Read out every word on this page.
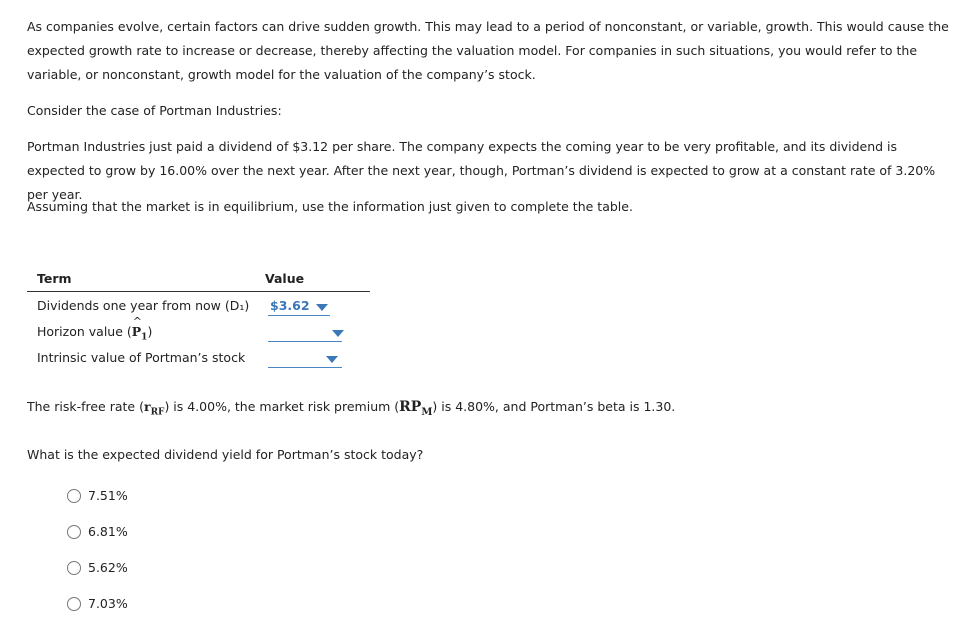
As companies evolve, certain factors can drive sudden growth. This may lead to a period of nonconstant, or variable, growth. This would cause the expected growth rate to increase or decrease, thereby affecting the valuation model. For companies in such situations, you would refer to the variable, or nonconstant, growth model for the valuation of the company’s stock.

Consider the case of Portman Industries:

Portman Industries just paid a dividend of $3.12 per share. The company expects the coming year to be very profitable, and its dividend is expected to grow by 16.00% over the next year. After the next year, though, Portman’s dividend is expected to grow at a constant rate of 3.20% per year.

Assuming that the market is in equilibrium, use the information just given to complete the table.

Term	Value
Dividends one year from now (D₁) $3.62
Horizon value (^ $P_1$)
Intrinsic value of Portman’s stock

The risk-free rate $(r_{RF})$ is 4.00%, the market risk premium $(RP_M)$ is 4.80%, and Portman’s beta is 1.30.

What is the expected dividend yield for Portman’s stock today?

7.51%
6.81%
5.62%
7.03%
